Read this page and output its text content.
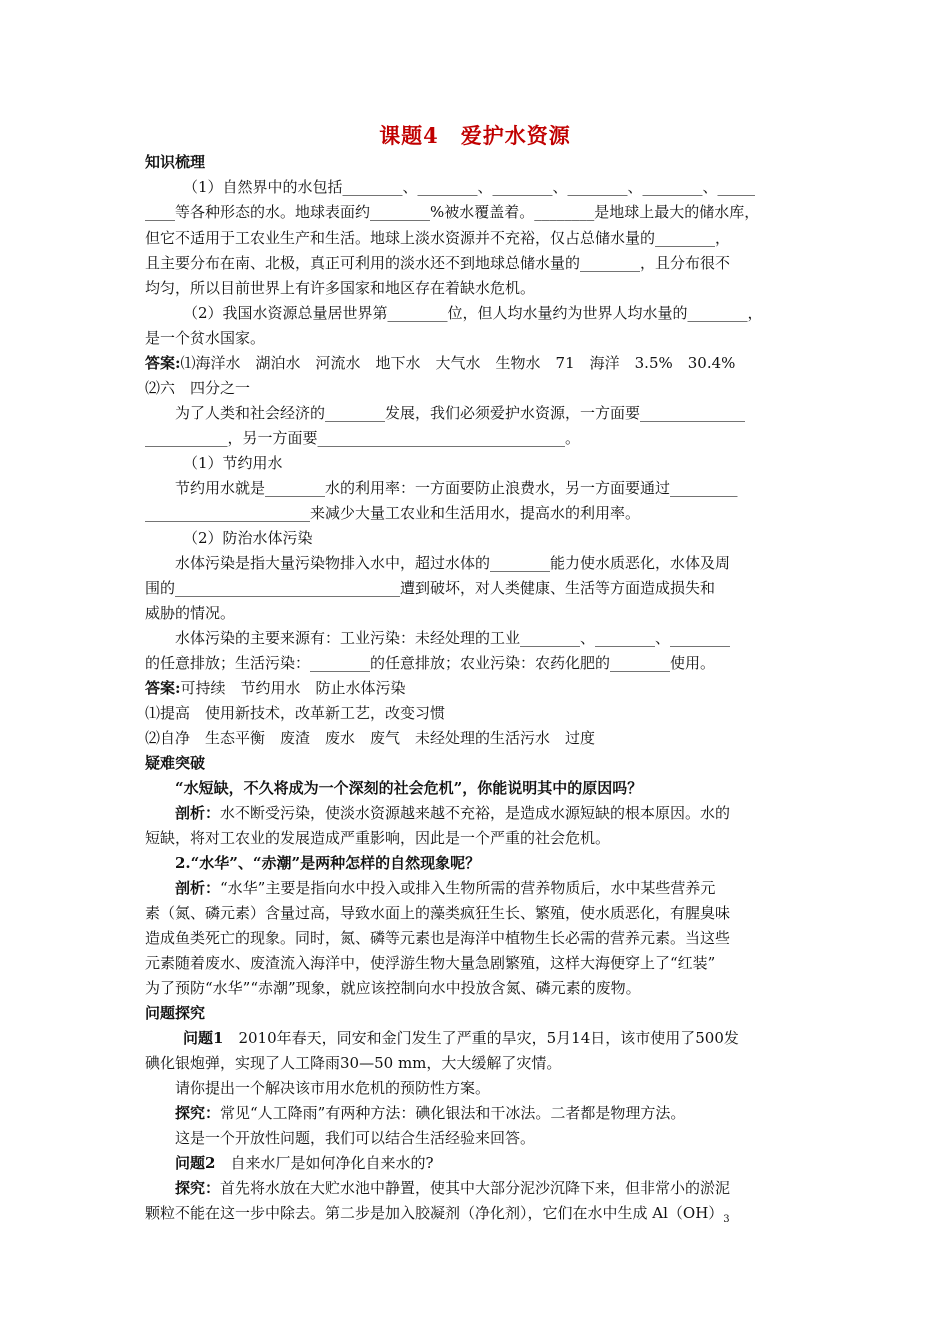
课题4　爱护水资源
知识梳理
（1）自然界中的水包括________、________、________、________、________、_____
____等各种形态的水。地球表面约________%被水覆盖着。________是地球上最大的储水库，
但它不适用于工农业生产和生活。地球上淡水资源并不充裕，仅占总储水量的________，
且主要分布在南、北极，真正可利用的淡水还不到地球总储水量的________，且分布很不
均匀，所以目前世界上有许多国家和地区存在着缺水危机。
（2）我国水资源总量居世界第________位，但人均水量约为世界人均水量的________，
是一个贫水国家。
答案:⑴海洋水　湖泊水　河流水　地下水　大气水　生物水　71　海洋　3.5%　30.4%
⑵六　四分之一
为了人类和社会经济的________发展，我们必须爱护水资源，一方面要______________
___________，另一方面要_________________________________。
（1）节约用水
节约用水就是________水的利用率：一方面要防止浪费水，另一方面要通过_________
______________________来减少大量工农业和生活用水，提高水的利用率。
（2）防治水体污染
水体污染是指大量污染物排入水中，超过水体的________能力使水质恶化，水体及周
围的______________________________遭到破坏，对人类健康、生活等方面造成损失和
威胁的情况。
水体污染的主要来源有：工业污染：未经处理的工业________、________、________
的任意排放；生活污染：________的任意排放；农业污染：农药化肥的________使用。
答案:可持续　节约用水　防止水体污染
⑴提高　使用新技术，改革新工艺，改变习惯
⑵自净　生态平衡　废渣　废水　废气　未经处理的生活污水　过度
疑难突破
“水短缺，不久将成为一个深刻的社会危机”，你能说明其中的原因吗？
剖析：水不断受污染，使淡水资源越来越不充裕，是造成水源短缺的根本原因。水的
短缺，将对工农业的发展造成严重影响，因此是一个严重的社会危机。
2.“水华”、“赤潮”是两种怎样的自然现象呢？
剖析：“水华”主要是指向水中投入或排入生物所需的营养物质后，水中某些营养元
素（氮、磷元素）含量过高，导致水面上的藻类疯狂生长、繁殖，使水质恶化，有腥臭味
造成鱼类死亡的现象。同时，氮、磷等元素也是海洋中植物生长必需的营养元素。当这些
元素随着废水、废渣流入海洋中，使浮游生物大量急剧繁殖，这样大海便穿上了“红装”
为了预防“水华”“赤潮”现象，就应该控制向水中投放含氮、磷元素的废物。
问题探究
问题1　2010年春天，同安和金门发生了严重的旱灾，5月14日，该市使用了500发
碘化银炮弹，实现了人工降雨30—50 mm，大大缓解了灾情。
请你提出一个解决该市用水危机的预防性方案。
探究：常见“人工降雨”有两种方法：碘化银法和干冰法。二者都是物理方法。
这是一个开放性问题，我们可以结合生活经验来回答。
问题2　自来水厂是如何净化自来水的?
探究：首先将水放在大贮水池中静置，使其中大部分泥沙沉降下来，但非常小的淤泥
颗粒不能在这一步中除去。第二步是加入胶凝剂（净化剂），它们在水中生成 $Al(OH)_3$
